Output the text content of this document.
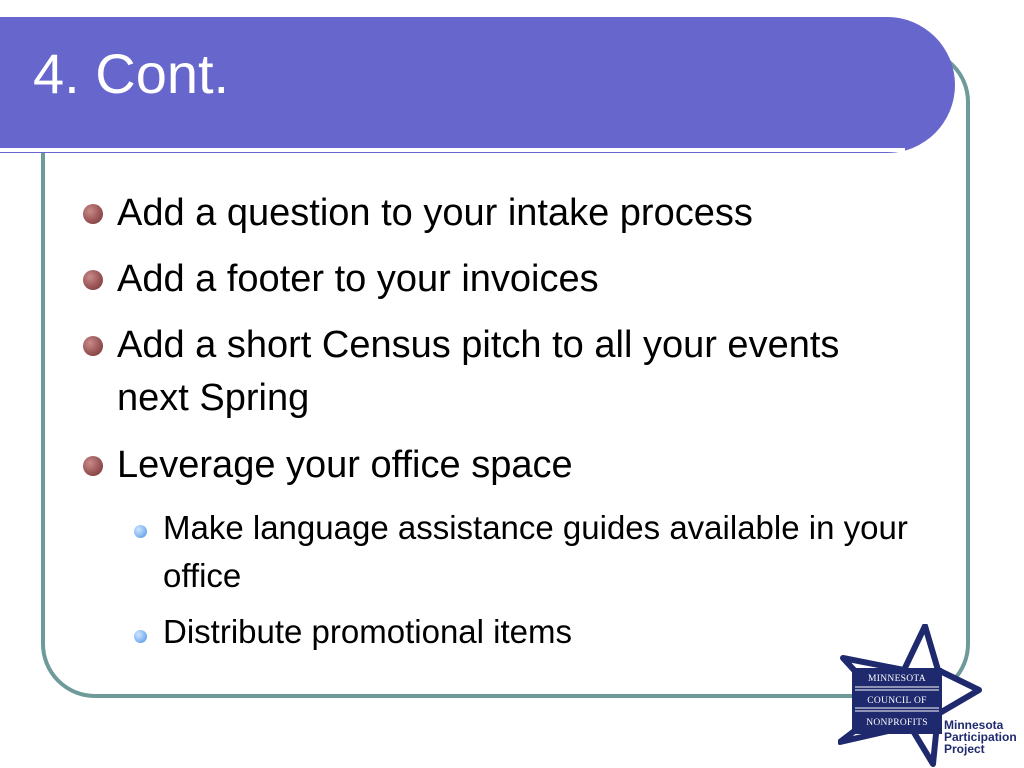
4. Cont.
Add a question to your intake process
Add a footer to your invoices
Add a short Census pitch to all your events next Spring
Leverage your office space
Make language assistance guides available in your office
Distribute promotional items
MINNESOTA
COUNCIL OF
NONPROFITS Minnesota
Participation
Project
